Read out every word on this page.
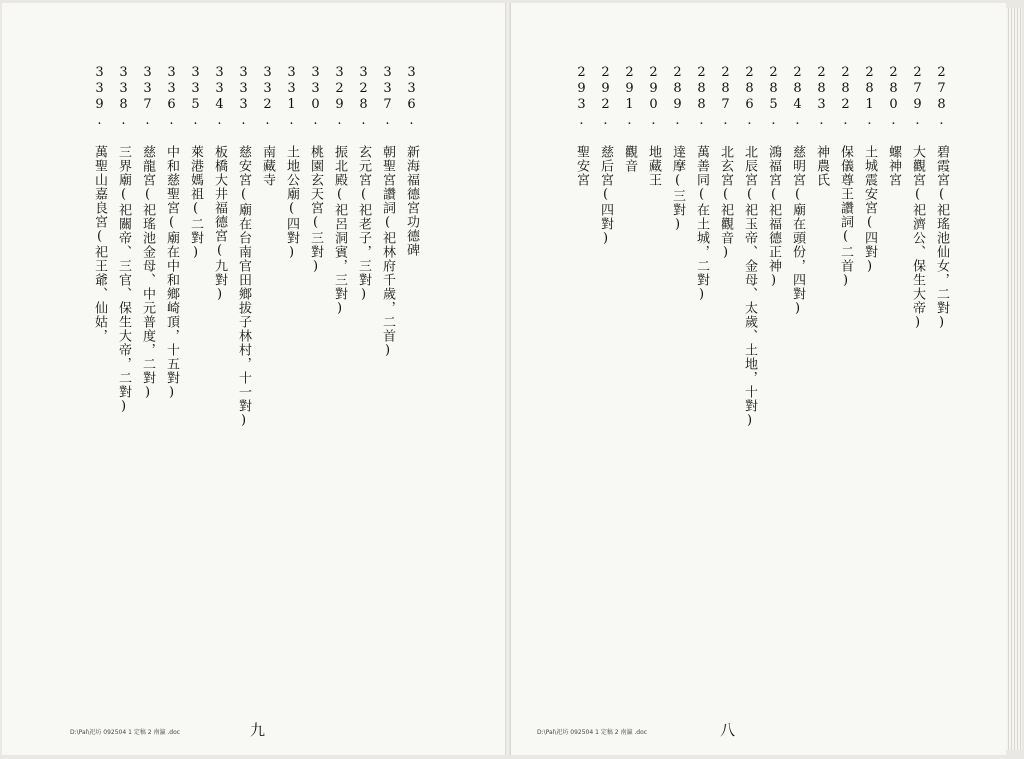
336. 新海福德宮功德碑
337. 朝聖宮讚詞(祀林府千歲，二首)
328. 玄元宮(祀老子，三對)
329. 振北殿(祀呂洞賓，三對)
330. 桃園玄天宮(三對)
331. 土地公廟(四對)
332. 南藏寺
333. 慈安宮(廟在台南官田鄉拔子林村，十一對)
334. 板橋大井福德宮(九對)
335. 萊港媽祖(二對)
336. 中和慈聖宮(廟在中和鄉崎頂，十五對)
337. 慈龍宮(祀瑤池金母、中元普度，二對)
338. 三界廟(祀關帝、三官、保生大帝，二對)
339. 萬聖山嘉良宮(祀王爺、仙姑，
九
D:\Pal\祀坊 092504 1 定稿 2 南瀛 .doc
278. 碧霞宮(祀瑤池仙女，二對)
279. 大觀宮(祀濟公、保生大帝)
280. 螺神宮
281. 土城震安宮(四對)
282. 保儀尊王讚詞(二首)
283. 神農氏
284. 慈明宮(廟在頭份，四對)
285. 鴻福宮(祀福德正神)
286. 北辰宮(祀玉帝、金母、太歲、土地，十對)
287. 北玄宮(祀觀音)
288. 萬善同(在土城，二對)
289. 達摩(三對)
290. 地藏王
291. 觀音
292. 慈后宮(四對)
293. 聖安宮
八
D:\Pal\祀坊 092504 1 定稿 2 南瀛 .doc
